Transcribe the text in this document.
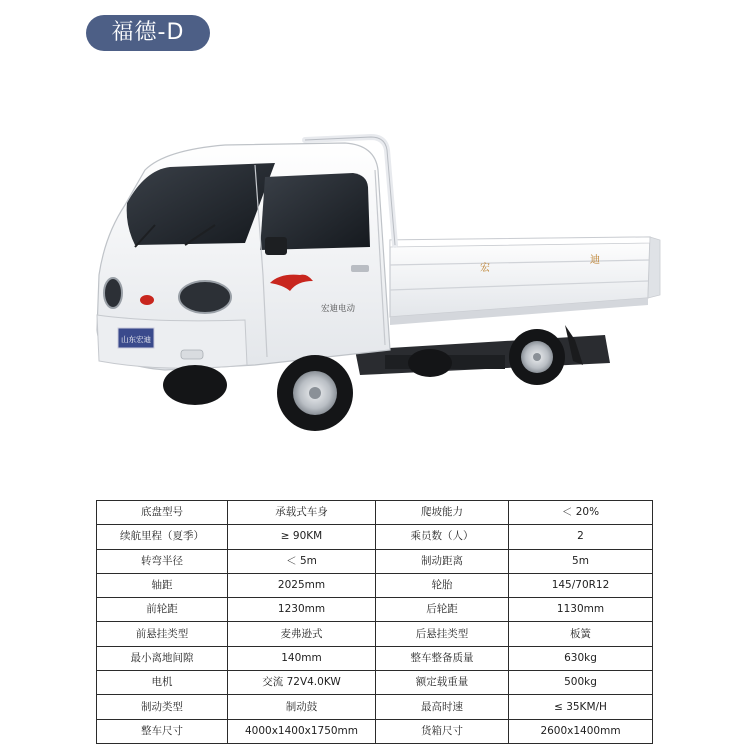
福德-D
宏
迪
宏迪电动
山东宏迪
底盘型号	承载式车身	爬坡能力	＜ 20%
续航里程（夏季）	≥ 90KM	乘员数（人）	2
转弯半径	＜ 5m	制动距离	5m
轴距	2025mm	轮胎	145/70R12
前轮距	1230mm	后轮距	1130mm
前悬挂类型	麦弗逊式	后悬挂类型	板簧
最小离地间隙	140mm	整车整备质量	630kg
电机	交流 72V4.0KW	额定载重量	500kg
制动类型	制动鼓	最高时速	≤ 35KM/H
整车尺寸	4000x1400x1750mm	货箱尺寸	2600x1400mm
